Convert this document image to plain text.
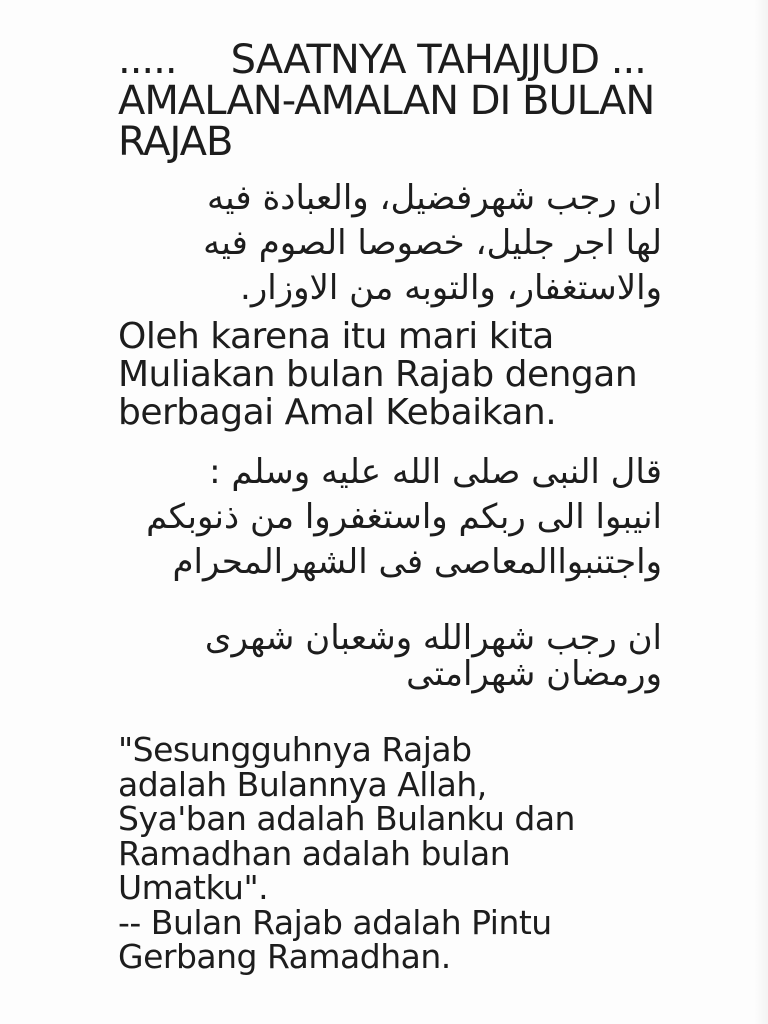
..... SAATNYA TAHAJJUD ...
AMALAN-AMALAN DI BULAN
RAJAB
ان رجب شهرفضيل، والعبادة فيه
لها اجر جليل، خصوصا الصوم فيه
والاستغفار، والتوبه من الاوزار.
Oleh karena itu mari kita
Muliakan bulan Rajab dengan
berbagai Amal Kebaikan.
قال النبى صلى الله عليه وسلم :
انيبوا الى ربكم واستغفروا من ذنوبكم
واجتنبواالمعاصى فى الشهرالمحرام
ان رجب شهرالله وشعبان شهرى
ورمضان شهرامتى
"Sesungguhnya Rajab
adalah Bulannya Allah,
Sya'ban adalah Bulanku dan
Ramadhan adalah bulan
Umatku".
-- Bulan Rajab adalah Pintu
Gerbang Ramadhan.
